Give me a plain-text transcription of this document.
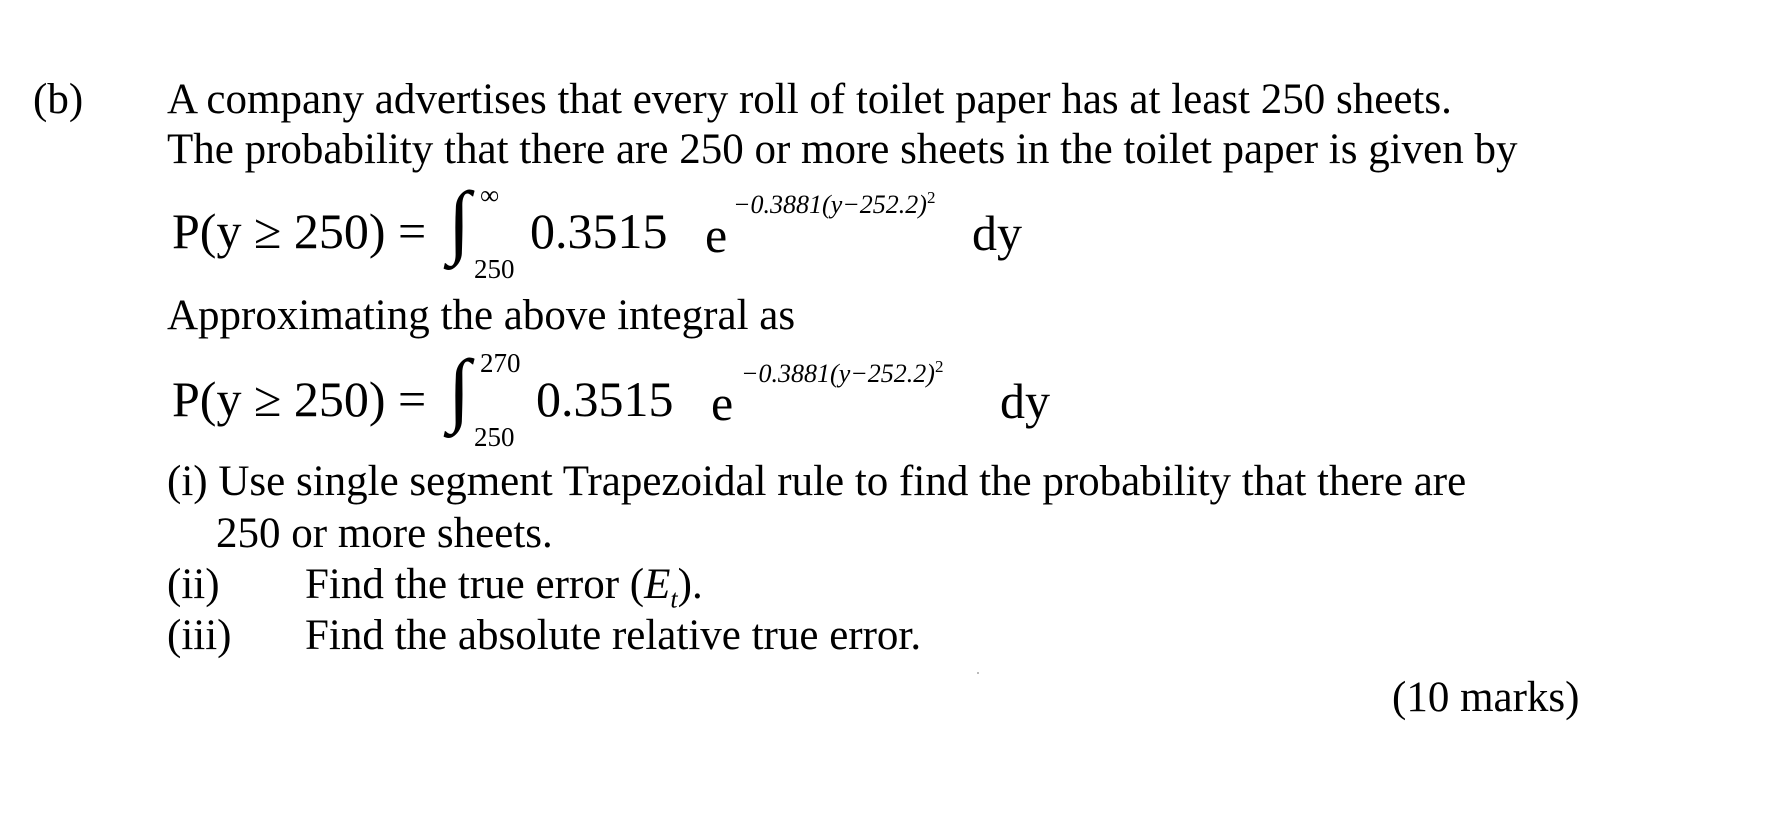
(b) A company advertises that every roll of toilet paper has at least 250 sheets.
The probability that there are 250 or more sheets in the toilet paper is given by
P(y ≥ 250) = ∫ ∞
250
0.3515 e
$-0.3881(y-252.2)^2$
dy
Approximating the above integral as
P(y ≥ 250) = ∫ 270
250
0.3515 e
$-0.3881(y-252.2)^2$
dy
(i) Use single segment Trapezoidal rule to find the probability that there are
250 or more sheets.
(ii) Find the true error $(E_t)$.
(iii) Find the absolute relative true error.
(10 marks)
